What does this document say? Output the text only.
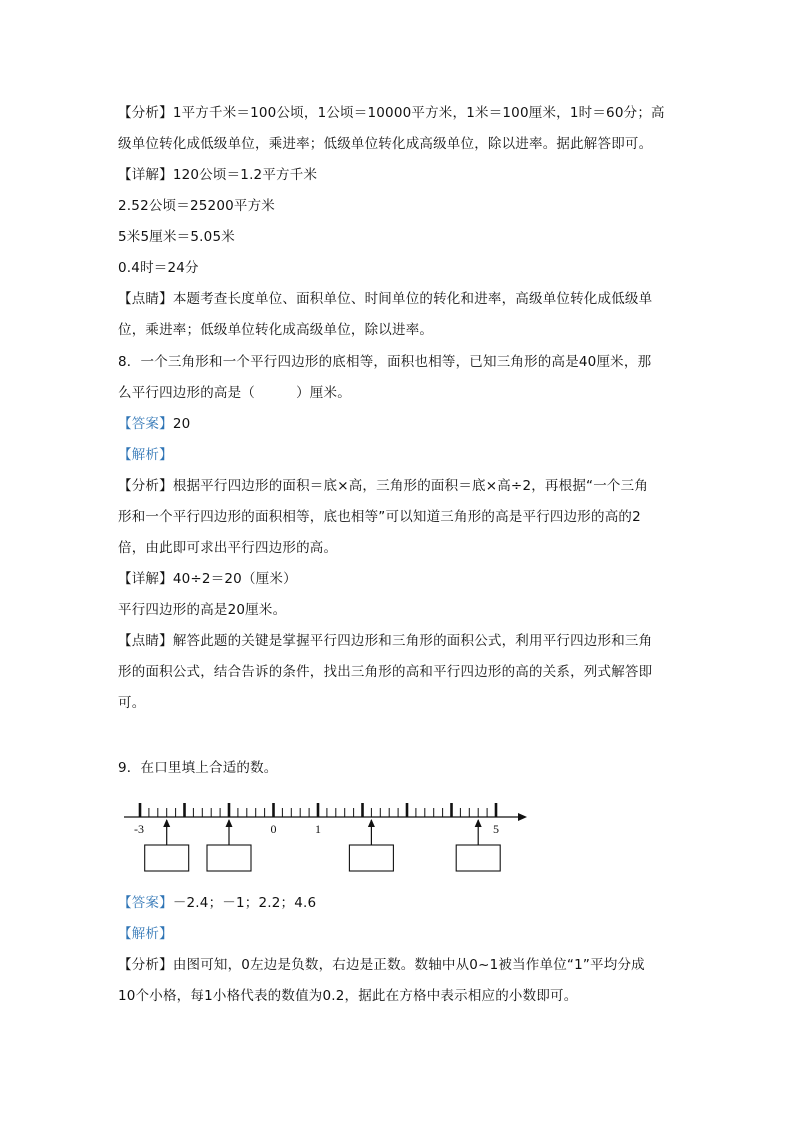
【分析】1平方千米＝100公顷，1公顷＝10000平方米，1米＝100厘米，1时＝60分；高
级单位转化成低级单位，乘进率；低级单位转化成高级单位，除以进率。据此解答即可。
【详解】120公顷＝1.2平方千米
2.52公顷＝25200平方米
5米5厘米＝5.05米
0.4时＝24分
【点睛】本题考查长度单位、面积单位、时间单位的转化和进率，高级单位转化成低级单
位，乘进率；低级单位转化成高级单位，除以进率。
8．一个三角形和一个平行四边形的底相等，面积也相等，已知三角形的高是40厘米，那
么平行四边形的高是（　　　）厘米。
【答案】20
【解析】
【分析】根据平行四边形的面积＝底×高，三角形的面积＝底×高÷2，再根据“一个三角
形和一个平行四边形的面积相等，底也相等”可以知道三角形的高是平行四边形的高的2
倍，由此即可求出平行四边形的高。
【详解】40÷2＝20（厘米）
平行四边形的高是20厘米。
【点睛】解答此题的关键是掌握平行四边形和三角形的面积公式，利用平行四边形和三角
形的面积公式，结合告诉的条件，找出三角形的高和平行四边形的高的关系，列式解答即
可。
9．在口里填上合适的数。
-3	0	1	5
【答案】－2.4；－1；2.2；4.6
【解析】
【分析】由图可知，0左边是负数，右边是正数。数轴中从0~1被当作单位“1”平均分成
10个小格，每1小格代表的数值为0.2，据此在方格中表示相应的小数即可。
